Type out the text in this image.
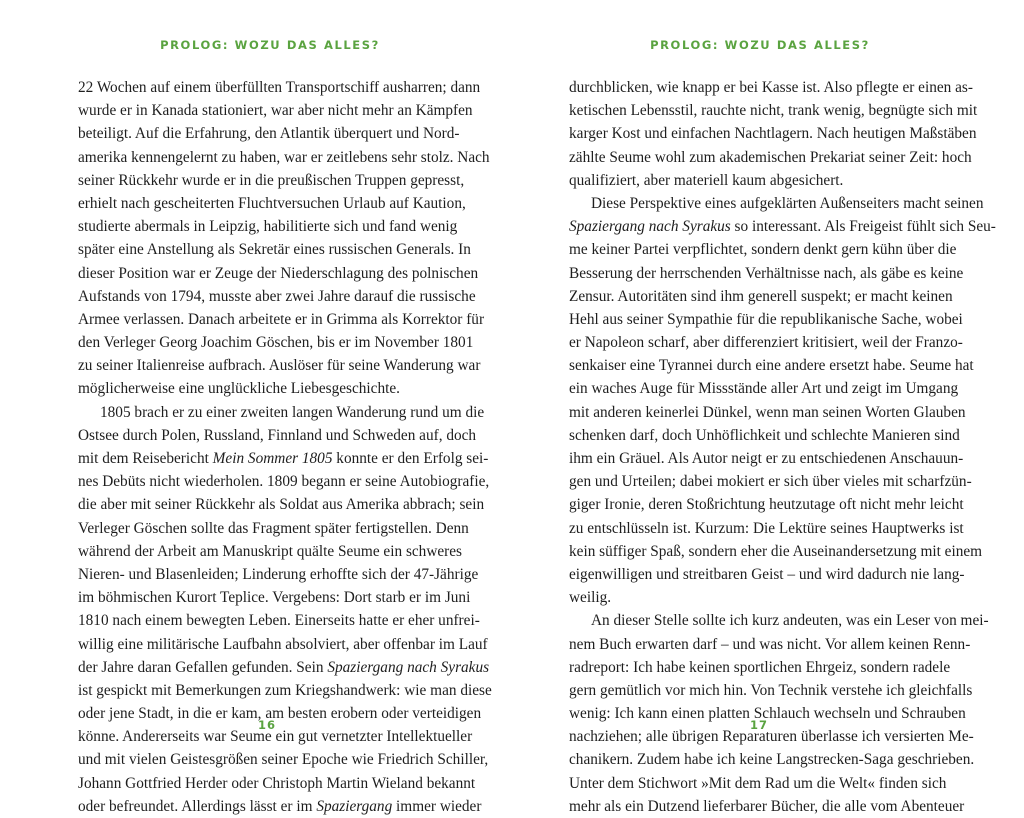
PROLOG: WOZU DAS ALLES?
22 Wochen auf einem überfüllten Transportschiff ausharren; dann
wurde er in Kanada stationiert, war aber nicht mehr an Kämpfen
beteiligt. Auf die Erfahrung, den Atlantik überquert und Nord-
amerika kennengelernt zu haben, war er zeitlebens sehr stolz. Nach
seiner Rückkehr wurde er in die preußischen Truppen gepresst,
erhielt nach gescheiterten Fluchtversuchen Urlaub auf Kaution,
studierte abermals in Leipzig, habilitierte sich und fand wenig
später eine Anstellung als Sekretär eines russischen Generals. In
dieser Position war er Zeuge der Niederschlagung des polnischen
Aufstands von 1794, musste aber zwei Jahre darauf die russische
Armee verlassen. Danach arbeitete er in Grimma als Korrektor für
den Verleger Georg Joachim Göschen, bis er im November 1801
zu seiner Italienreise aufbrach. Auslöser für seine Wanderung war
möglicherweise eine unglückliche Liebesgeschichte.
1805 brach er zu einer zweiten langen Wanderung rund um die
Ostsee durch Polen, Russland, Finnland und Schweden auf, doch
mit dem Reisebericht Mein Sommer 1805 konnte er den Erfolg sei-
nes Debüts nicht wiederholen. 1809 begann er seine Autobiografie,
die aber mit seiner Rückkehr als Soldat aus Amerika abbrach; sein
Verleger Göschen sollte das Fragment später fertigstellen. Denn
während der Arbeit am Manuskript quälte Seume ein schweres
Nieren- und Blasenleiden; Linderung erhoffte sich der 47-Jährige
im böhmischen Kurort Teplice. Vergebens: Dort starb er im Juni
1810 nach einem bewegten Leben. Einerseits hatte er eher unfrei-
willig eine militärische Laufbahn absolviert, aber offenbar im Lauf
der Jahre daran Gefallen gefunden. Sein Spaziergang nach Syrakus
ist gespickt mit Bemerkungen zum Kriegshandwerk: wie man diese
oder jene Stadt, in die er kam, am besten erobern oder verteidigen
könne. Andererseits war Seume ein gut vernetzter Intellektueller
und mit vielen Geistesgrößen seiner Epoche wie Friedrich Schiller,
Johann Gottfried Herder oder Christoph Martin Wieland bekannt
oder befreundet. Allerdings lässt er im Spaziergang immer wieder
16
PROLOG: WOZU DAS ALLES?
durchblicken, wie knapp er bei Kasse ist. Also pflegte er einen as-
ketischen Lebensstil, rauchte nicht, trank wenig, begnügte sich mit
karger Kost und einfachen Nachtlagern. Nach heutigen Maßstäben
zählte Seume wohl zum akademischen Prekariat seiner Zeit: hoch
qualifiziert, aber materiell kaum abgesichert.
Diese Perspektive eines aufgeklärten Außenseiters macht seinen
Spaziergang nach Syrakus so interessant. Als Freigeist fühlt sich Seu-
me keiner Partei verpflichtet, sondern denkt gern kühn über die
Besserung der herrschenden Verhältnisse nach, als gäbe es keine
Zensur. Autoritäten sind ihm generell suspekt; er macht keinen
Hehl aus seiner Sympathie für die republikanische Sache, wobei
er Napoleon scharf, aber differenziert kritisiert, weil der Franzo-
senkaiser eine Tyrannei durch eine andere ersetzt habe. Seume hat
ein waches Auge für Missstände aller Art und zeigt im Umgang
mit anderen keinerlei Dünkel, wenn man seinen Worten Glauben
schenken darf, doch Unhöflichkeit und schlechte Manieren sind
ihm ein Gräuel. Als Autor neigt er zu entschiedenen Anschauun-
gen und Urteilen; dabei mokiert er sich über vieles mit scharfzün-
giger Ironie, deren Stoßrichtung heutzutage oft nicht mehr leicht
zu entschlüsseln ist. Kurzum: Die Lektüre seines Hauptwerks ist
kein süffiger Spaß, sondern eher die Auseinandersetzung mit einem
eigenwilligen und streitbaren Geist – und wird dadurch nie lang-
weilig.
An dieser Stelle sollte ich kurz andeuten, was ein Leser von mei-
nem Buch erwarten darf – und was nicht. Vor allem keinen Renn-
radreport: Ich habe keinen sportlichen Ehrgeiz, sondern radele
gern gemütlich vor mich hin. Von Technik verstehe ich gleichfalls
wenig: Ich kann einen platten Schlauch wechseln und Schrauben
nachziehen; alle übrigen Reparaturen überlasse ich versierten Me-
chanikern. Zudem habe ich keine Langstrecken-Saga geschrieben.
Unter dem Stichwort »Mit dem Rad um die Welt« finden sich
mehr als ein Dutzend lieferbarer Bücher, die alle vom Abenteuer
17
